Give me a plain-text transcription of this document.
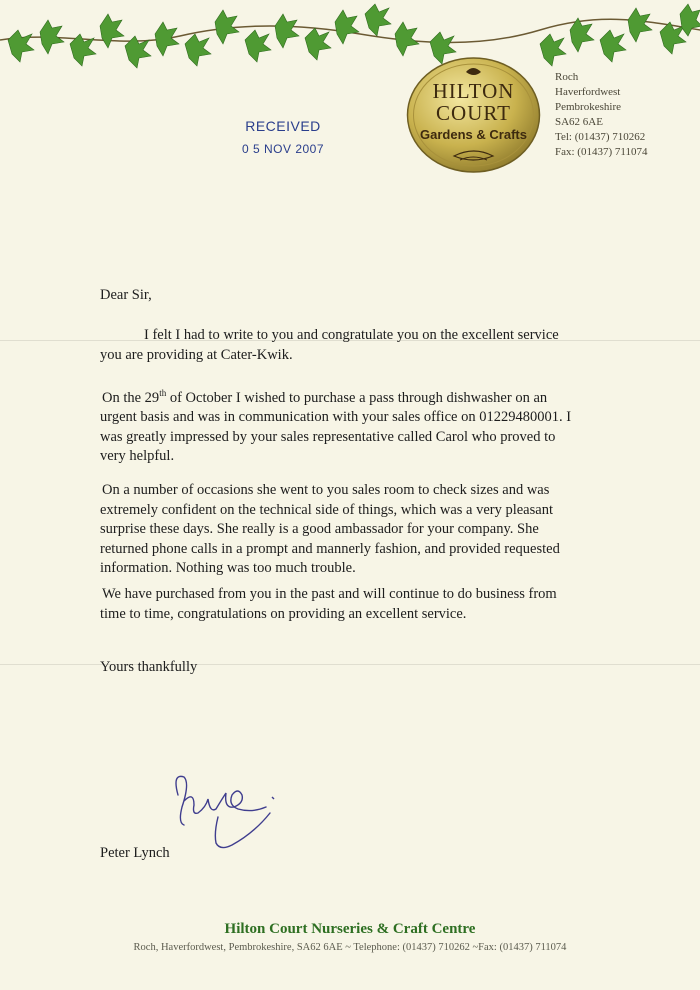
HILTON
COURT
Gardens & Crafts
Roch
Haverfordwest
Pembrokeshire
SA62 6AE
Tel: (01437) 710262
Fax: (01437) 711074
RECEIVED
0 5 NOV 2007
Dear Sir,
I felt I had to write to you and congratulate you on the excellent service you are providing at Cater-Kwik.
On the 29th of October I wished to purchase a pass through dishwasher on an urgent basis and was in communication with your sales office on 01229480001. I was greatly impressed by your sales representative called Carol who proved to very helpful.
On a number of occasions she went to you sales room to check sizes and was extremely confident on the technical side of things, which was a very pleasant surprise these days. She really is a good ambassador for your company. She returned phone calls in a prompt and mannerly fashion, and provided requested information. Nothing was too much trouble.
We have purchased from you in the past and will continue to do business from time to time, congratulations on providing an excellent service.
Yours thankfully
Peter Lynch
Hilton Court Nurseries & Craft Centre
Roch, Haverfordwest, Pembrokeshire, SA62 6AE ~ Telephone: (01437) 710262 ~Fax: (01437) 711074
